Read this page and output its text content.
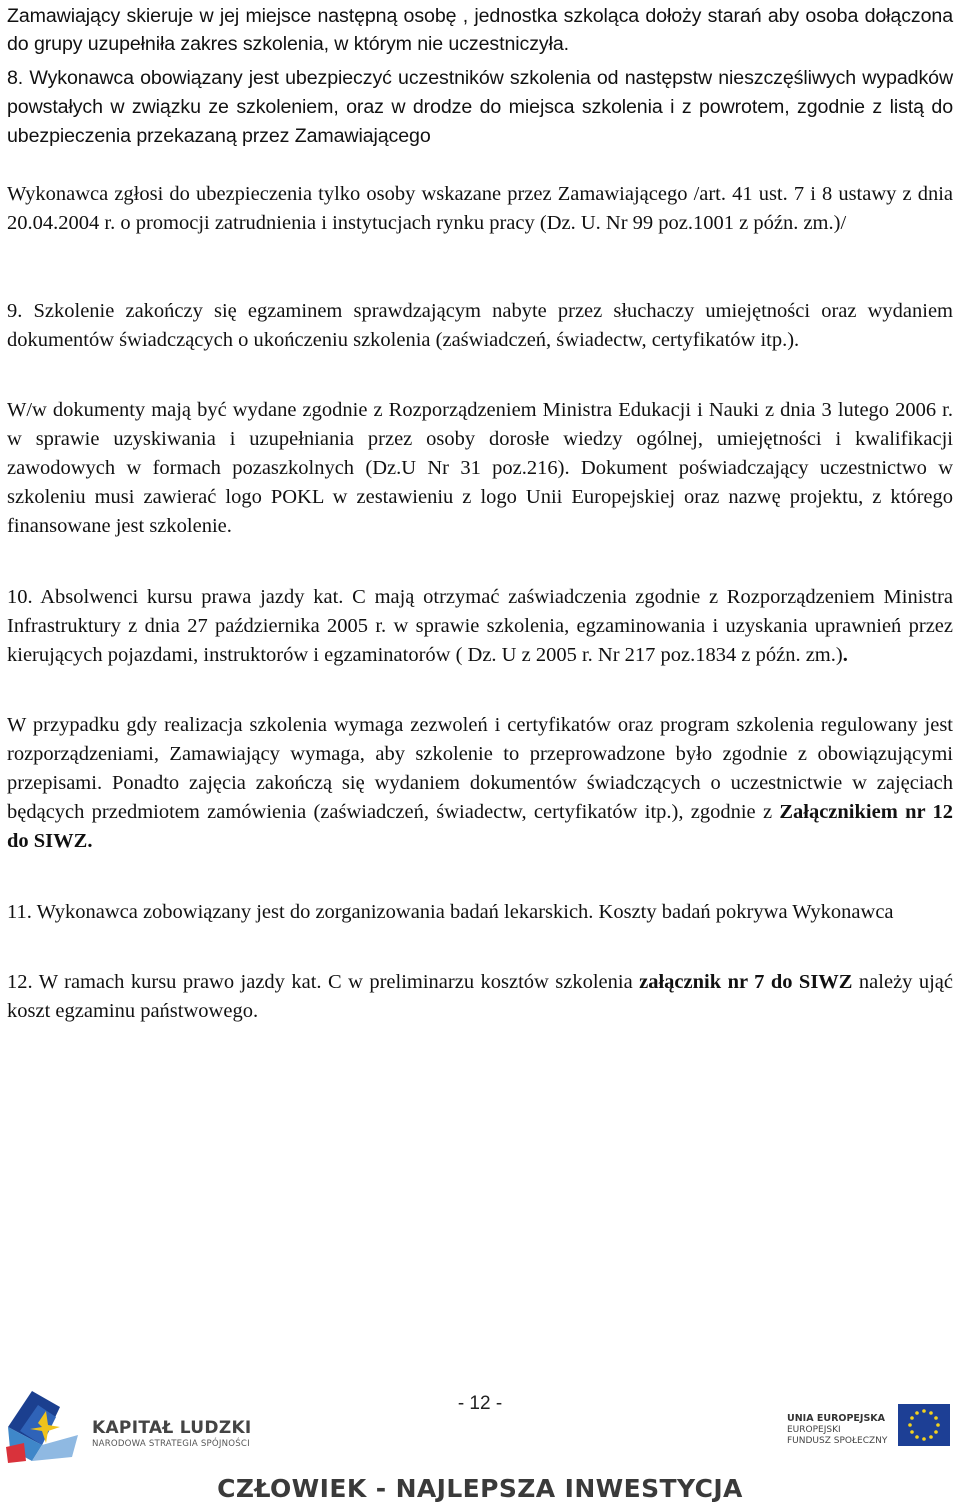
Zamawiający skieruje w jej miejsce następną osobę , jednostka szkoląca dołoży starań aby osoba dołączona do grupy uzupełniła zakres szkolenia, w którym nie uczestniczyła.

8. Wykonawca obowiązany jest ubezpieczyć uczestników szkolenia od następstw nieszczęśliwych wypadków powstałych w związku ze szkoleniem, oraz w drodze do miejsca szkolenia i z powrotem, zgodnie z listą do ubezpieczenia przekazaną przez Zamawiającego

Wykonawca zgłosi do ubezpieczenia tylko osoby wskazane przez Zamawiającego /art. 41 ust. 7 i 8 ustawy z dnia 20.04.2004 r. o promocji zatrudnienia i instytucjach rynku pracy (Dz. U. Nr 99 poz.1001 z późn. zm.)/

9. Szkolenie zakończy się egzaminem sprawdzającym nabyte przez słuchaczy umiejętności oraz wydaniem dokumentów świadczących o ukończeniu szkolenia (zaświadczeń, świadectw, certyfikatów itp.).

W/w dokumenty mają być wydane zgodnie z Rozporządzeniem Ministra Edukacji i Nauki z dnia 3 lutego 2006 r. w sprawie uzyskiwania i uzupełniania przez osoby dorosłe wiedzy ogólnej, umiejętności i kwalifikacji zawodowych w formach pozaszkolnych (Dz.U Nr 31 poz.216). Dokument poświadczający uczestnictwo w szkoleniu musi zawierać logo POKL w zestawieniu z logo Unii Europejskiej oraz nazwę projektu, z którego finansowane jest szkolenie.

10. Absolwenci kursu prawa jazdy kat. C mają otrzymać zaświadczenia zgodnie z Rozporządzeniem Ministra Infrastruktury z dnia 27 października 2005 r. w sprawie szkolenia, egzaminowania i uzyskania uprawnień przez kierujących pojazdami, instruktorów i egzaminatorów ( Dz. U z 2005 r. Nr 217 poz.1834 z późn. zm.).

W przypadku gdy realizacja szkolenia wymaga zezwoleń i certyfikatów oraz program szkolenia regulowany jest rozporządzeniami, Zamawiający wymaga, aby szkolenie to przeprowadzone było zgodnie z obowiązującymi przepisami. Ponadto zajęcia zakończą się wydaniem dokumentów świadczących o uczestnictwie w zajęciach będących przedmiotem zamówienia (zaświadczeń, świadectw, certyfikatów itp.), zgodnie z Załącznikiem nr 12 do SIWZ.

11. Wykonawca zobowiązany jest do zorganizowania badań lekarskich. Koszty badań pokrywa Wykonawca

12. W ramach kursu prawo jazdy kat. C w preliminarzu kosztów szkolenia załącznik nr 7 do SIWZ należy ująć koszt egzaminu państwowego.

- 12 -
KAPITAŁ LUDZKI
NARODOWA STRATEGIA SPÓJNOŚCI
UNIA EUROPEJSKA
EUROPEJSKI
FUNDUSZ SPOŁECZNY
CZŁOWIEK - NAJLEPSZA INWESTYCJA
